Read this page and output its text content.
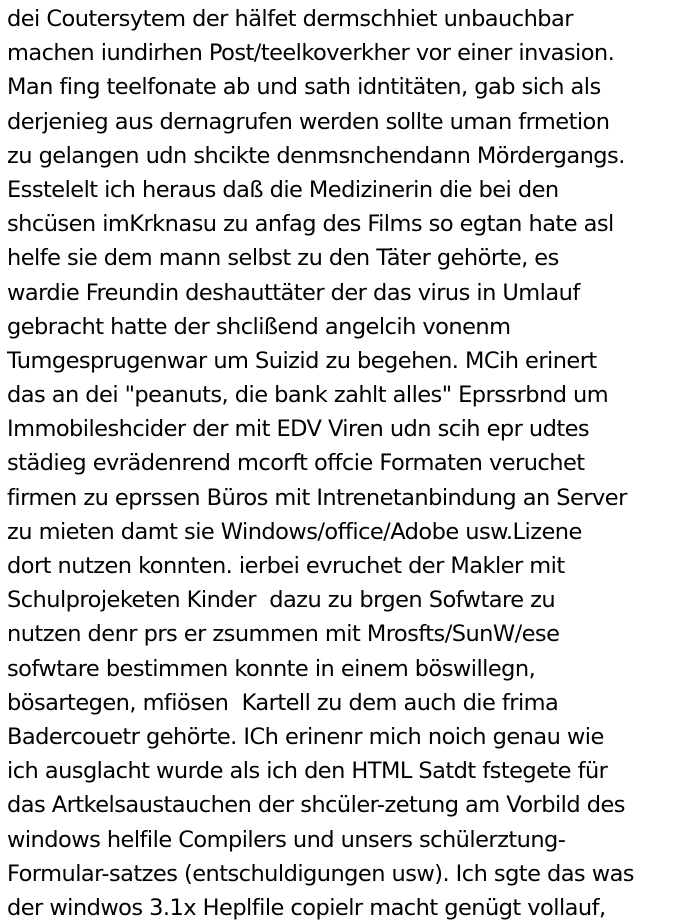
dei Coutersytem der hälfet dermschhiet unbauchbar
machen iundirhen Post/teelkoverkher vor einer invasion.
Man fing teelfonate ab und sath idntitäten, gab sich als
derjenieg aus dernagrufen werden sollte uman frmetion
zu gelangen udn shcikte denmsnchendann Mördergangs.
Esstelelt ich heraus daß die Medizinerin die bei den
shcüsen imKrknasu zu anfag des Films so egtan hate asl
helfe sie dem mann selbst zu den Täter gehörte, es
wardie Freundin deshauttäter der das virus in Umlauf
gebracht hatte der shclißend angelcih vonenm
Tumgesprugenwar um Suizid zu begehen. MCih erinert
das an dei "peanuts, die bank zahlt alles" Eprssrbnd um
Immobileshcider der mit EDV Viren udn scih epr udtes
städieg evrädenrend mcorft offcie Formaten veruchet
firmen zu eprssen Büros mit Intrenetanbindung an Server
zu mieten damt sie Windows/office/Adobe usw.Lizene
dort nutzen konnten. ierbei evruchet der Makler mit
Schulprojeketen Kinder  dazu zu brgen Sofwtare zu
nutzen denr prs er zsummen mit Mrosfts/SunW/ese
sofwtare bestimmen konnte in einem böswillegn,
bösartegen, mfiösen  Kartell zu dem auch die frima
Badercouetr gehörte. ICh erinenr mich noich genau wie
ich ausglacht wurde als ich den HTML Satdt fstegete für
das Artkelsaustauchen der shcüler-zetung am Vorbild des
windows helfile Compilers und unsers schülerztung-
Formular-satzes (entschuldigungen usw). Ich sgte das was
der windwos 3.1x Heplfile copielr macht genügt vollauf,
